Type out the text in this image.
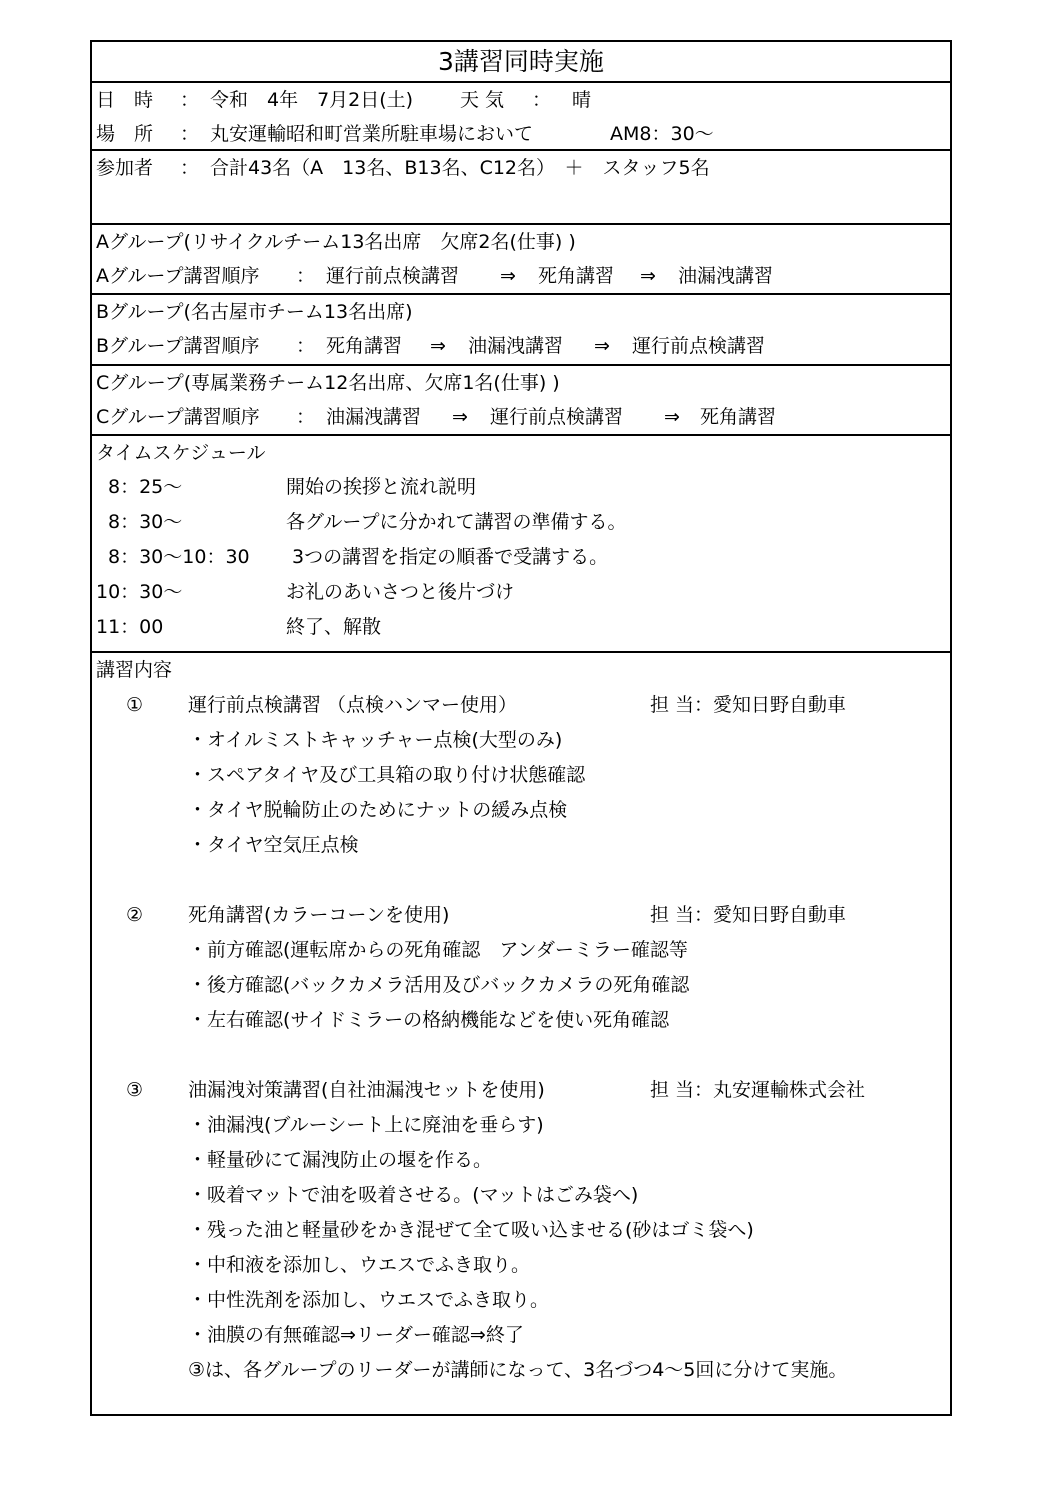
3講習同時実施
日　時 ： 令和　4年　7月2日(土) 天 気 ： 晴
場　所 ： 丸安運輸昭和町営業所駐車場において	AM8：30～
参加者 ： 合計43名（A　13名、B13名、C12名）　＋　スタッフ5名
Aグループ(リサイクルチーム13名出席　欠席2名(仕事) )
Aグループ講習順序 ： 運行前点検講習 ⇒ 死角講習 ⇒ 油漏洩講習
Bグループ(名古屋市チーム13名出席)
Bグループ講習順序 ： 死角講習 ⇒ 油漏洩講習 ⇒ 運行前点検講習
Cグループ(専属業務チーム12名出席、欠席1名(仕事) )
Cグループ講習順序 ： 油漏洩講習 ⇒ 運行前点検講習 ⇒ 死角講習
タイムスケジュール
8：25～	開始の挨拶と流れ説明
8：30～	各グループに分かれて講習の準備する。
8：30～10：30 3つの講習を指定の順番で受講する。
10：30～	お礼のあいさつと後片づけ
11：00	終了、解散
講習内容
① 運行前点検講習 （点検ハンマー使用）	担 当：愛知日野自動車
・オイルミストキャッチャー点検(大型のみ)
・スペアタイヤ及び工具箱の取り付け状態確認
・タイヤ脱輪防止のためにナットの緩み点検
・タイヤ空気圧点検
② 死角講習(カラーコーンを使用)	担 当：愛知日野自動車
・前方確認(運転席からの死角確認　アンダーミラー確認等
・後方確認(バックカメラ活用及びバックカメラの死角確認
・左右確認(サイドミラーの格納機能などを使い死角確認
③ 油漏洩対策講習(自社油漏洩セットを使用)	担 当：丸安運輸株式会社
・油漏洩(ブルーシート上に廃油を垂らす)
・軽量砂にて漏洩防止の堰を作る。
・吸着マットで油を吸着させる。(マットはごみ袋へ)
・残った油と軽量砂をかき混ぜて全て吸い込ませる(砂はゴミ袋へ)
・中和液を添加し、ウエスでふき取り。
・中性洗剤を添加し、ウエスでふき取り。
・油膜の有無確認⇒リーダー確認⇒終了
③は、各グループのリーダーが講師になって、3名づつ4～5回に分けて実施。
